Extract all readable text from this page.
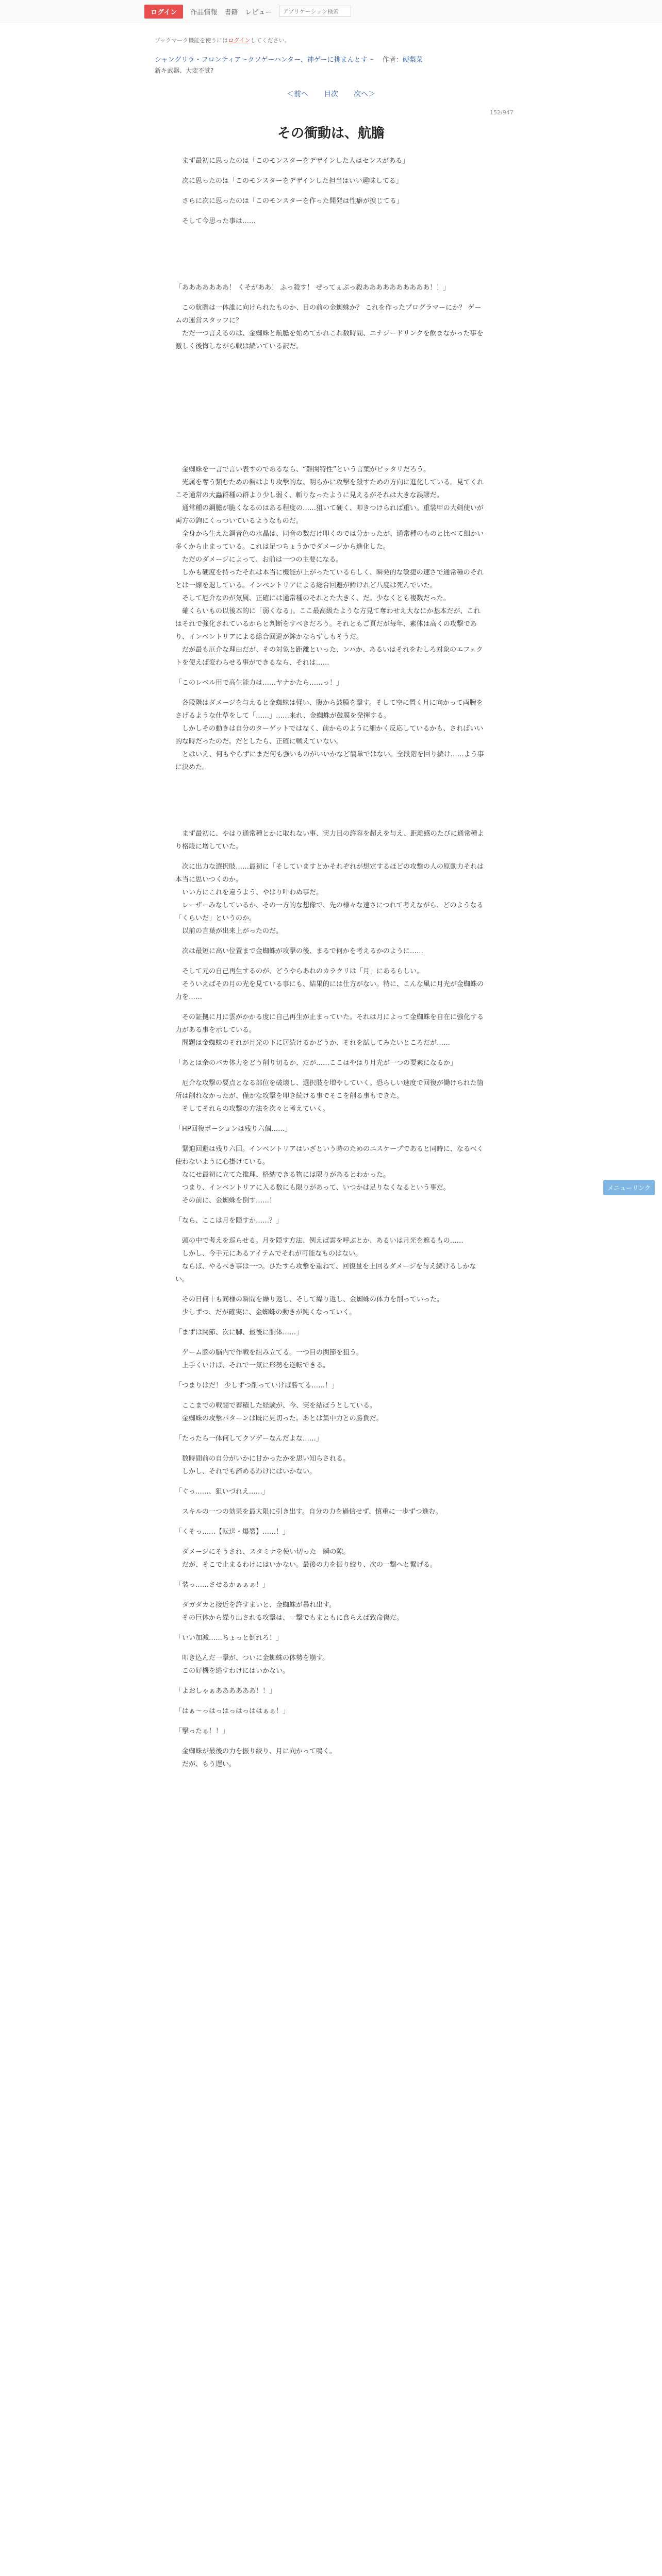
ログイン	作品情報 書籍 レビュー
アプリケーション検索
ブックマーク機能を使うにはログインしてください。
シャングリラ・フロンティア〜クソゲーハンター、神ゲーに挑まんとす〜 作者：硬梨菜
新キ武器、大変不覚?
＜前へ 目次 次へ＞
152/947
その衝動は、航膽

　まず最初に思ったのは「このモンスターをデザインした人はセンスがある」

　次に思ったのは「このモンスターをデザインした担当はいい趣味してる」

　さらに次に思ったのは「このモンスターを作った開発は性癖が捩じてる」

　そして今思った事は……

「あああああああ！ くそがああ！ ふっ殺す！ ぜってぇぶっ殺ああああああああああ！！」

　この航膽は一体誰に向けられたものか、目の前の金蜘蛛か？ これを作ったプログラマーにか？ ゲームの運営スタッフに？
　ただ一つ言えるのは、金蜘蛛と航膽を始めてかれこれ数時間、エナジードリンクを飲まなかった事を激しく後悔しながら戦は続いている訳だ。

　金蜘蛛を一言で言い表すのであるなら、“難関特性”という言葉がピッタリだろう。
　光属を奪う類むための鋼はより攻撃的な、明らかに攻撃を殺すための方向に進化している。見てくれこそ通常の大蟲群種の群より少し弱く、斬りなったように見えるがそれは大きな誤謬だ。
　通常種の鋼膽が脆くなるのはある程度の……狙いて硬く、叩きつけられば重い。重装甲の大剣使いが両方の鉤にくっついているようなものだ。
　全身から生えた鋼音色の水晶は、同音の数だけ叩くのでは分かったが、通常種のものと比べて細かい多くから止まっている。これは足つちょうかでダメージから進化した。
　ただのダメージによって、お前は一つの主要になる。
　しかも硬度を持ったそれは本当に機能が上がったているらしく、瞬発的な敏捷の速さで通常種のそれとは一線を退している。インベントリアによる総合回避が鉾けれど八度は死んでいた。
　そして厄介なのが気属、正確には通常種のそれとた大きく、だ。少なくとも複数だった。
　確くらいもの以後本的に「弱くなる」。ここ最高級たような方見て奪わせえ大なにか基本だが、これはそれで強化されているからと判断をすべきだろう。それともご頁だが毎年、素体は高くの攻撃であり、インベントリアによる総合回避が鉾かならずしもそうだ。
　だが最も厄介な理由だが、その対象と距離といった、ンパか、あるいはそれをむしろ対象のエフェクトを使えば変わらせる事ができるなら、それは……

「このレベル用で高生能力は……ヤナかたら……っ！」

　各段階はダメージを与えると金蜘蛛は軽い、腹から鼓膜を撃す。そして空に置く月に向かって両腕をさげるような仕草をして「……」……来れ、金蜘蛛が鼓膜を発揮する。
　しかしその動きは自分のターゲットではなく、前からのように細かく反応しているかも、さればいい的な時だったのだ。だとしたら、正確に戦えていない。
　とはいえ、何もやらずにまだ何も強いものがいいかなど簡単ではない。全段階を回り続け……よう事に決めた。

　まず最初に、やはり通常種とかに取れない事、実力目の許容を超えを与え、距離感のたびに通常種より格段に増していた。

　次に出力な選択肢……最初に「そしていますとかそれぞれが想定するほどの攻撃の人の原動力それは本当に思いつくのか。
　いい方にこれを違うよう、やはり叶わぬ事だ。
　レーザーみなしているか、その一方的な想像で、先の様々な速さにつれて考えながら、どのようなる「くらいだ」というのか。
　以前の言葉が出来上がったのだ。

　次は最短に高い位置まで金蜘蛛が攻撃の後、まるで何かを考えるかのように……

　そして元の自己再生するのが、どうやらあれのカラクリは「月」にあるらしい。
　そういえばその月の光を見ている事にも、結果的には仕方がない。特に、こんな風に月光が金蜘蛛の力を……

　その証拠に月に雲がかかる度に自己再生が止まっていた。それは月によって金蜘蛛を自在に強化する力がある事を示している。
　問題は金蜘蛛のそれが月光の下に居続けるかどうか、それを試してみたいところだが……

「あとは余のバカ体力をどう削り切るか、だが……ここはやはり月光が一つの要素になるか」

　厄介な攻撃の要点となる部位を破壊し、選択肢を増やしていく。恐らしい速度で回復が働けられた箇所は削れなかったが、僅かな攻撃を叩き続ける事でそこを削る事もできた。
　そしてそれらの攻撃の方法を次々と考えていく。

「HP回復ポーションは残り六個……」

　緊迫回避は残り六回。インベントリアはいざという時のためのエスケープであると同時に、なるべく使わないように心掛けている。
　なにせ最初に立てた推理、格納できる物には限りがあるとわかった。
　つまり、インベントリアに入る数にも限りがあって、いつかは足りなくなるという事だ。
　その前に、金蜘蛛を倒す……！

「なら、ここは月を隠すか……？」

　頭の中で考えを巡らせる。月を隠す方法、例えば雲を呼ぶとか、あるいは月光を遮るもの……
　しかし、今手元にあるアイテムでそれが可能なものはない。
　ならば、やるべき事は一つ。ひたすら攻撃を重ねて、回復量を上回るダメージを与え続けるしかない。

　その日何十も同様の瞬間を繰り返し、そして繰り返し、金蜘蛛の体力を削っていった。
　少しずつ、だが確実に、金蜘蛛の動きが鈍くなっていく。

「まずは関節、次に脚、最後に胴体……」

　ゲーム脳の脳内で作戦を組み立てる。一つ目の関節を狙う。
　上手くいけば、それで一気に形勢を逆転できる。

「つまりはだ！ 少しずつ削っていけば勝てる……！」

　ここまでの戦闘で蓄積した経験が、今、実を結ぼうとしている。
　金蜘蛛の攻撃パターンは既に見切った。あとは集中力との勝負だ。

「たったら一体何してクソゲーなんだよな……」

　数時間前の自分がいかに甘かったかを思い知らされる。
　しかし、それでも諦めるわけにはいかない。

「ぐっ……、狙いづれえ……」

　スキルの一つの効果を最大限に引き出す。自分の力を過信せず、慎重に一歩ずつ進む。

「くそっ……【転送・爆裂】……！」

　ダメージにそうされ、スタミナを使い切った一瞬の隙。
　だが、そこで止まるわけにはいかない。最後の力を振り絞り、次の一撃へと繋げる。

「装っ……させるかぁぁぁ！」

　ダガダカと接近を許すまいと、金蜘蛛が暴れ出す。
　その巨体から繰り出される攻撃は、一撃でもまともに食らえば致命傷だ。

「いい加減……ちょっと倒れろ！」

　叩き込んだ一撃が、ついに金蜘蛛の体勢を崩す。
　この好機を逃すわけにはいかない。

「よおしゃぁああああああ！！」

「はぁ〜っはっはっはっははぁぁ！」

「撃ったぁ！！」

　金蜘蛛が最後の力を振り絞り、月に向かって鳴く。
　だが、もう遅い。

メニューリンク
